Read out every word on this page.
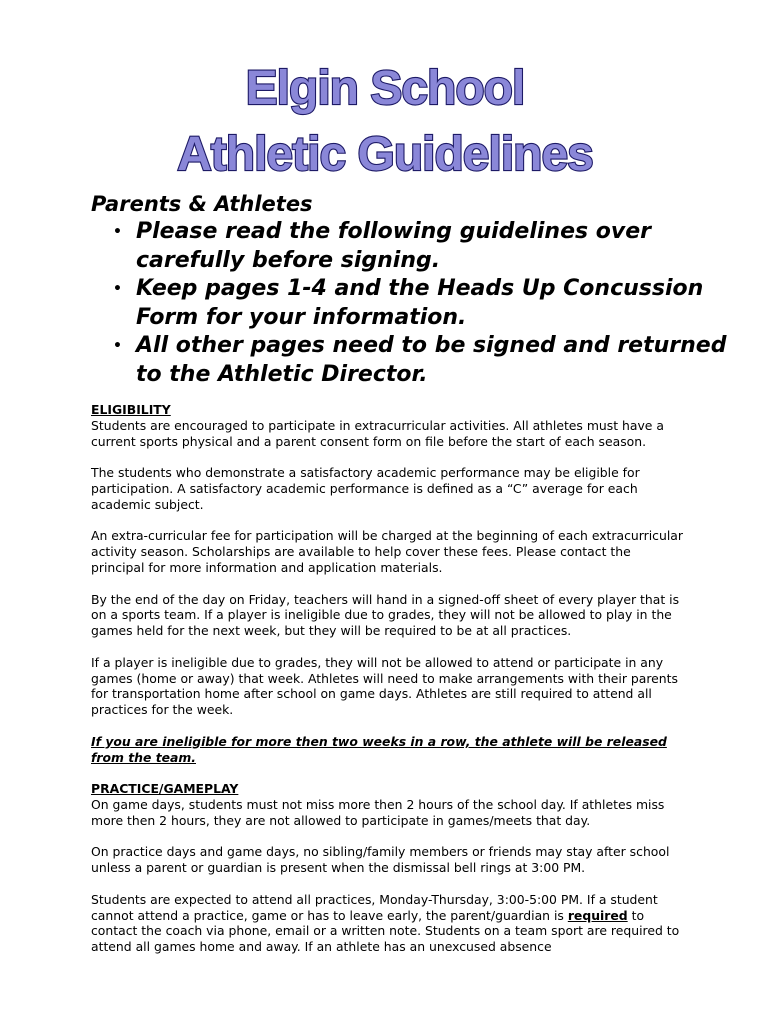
Elgin School
Athletic Guidelines

Parents & Athletes

• Please read the following guidelines over carefully before signing.
• Keep pages 1-4 and the Heads Up Concussion Form for your information.
• All other pages need to be signed and returned to the Athletic Director.
ELIGIBILITY

Students are encouraged to participate in extracurricular activities. All athletes must have a current sports physical and a parent consent form on file before the start of each season.

The students who demonstrate a satisfactory academic performance may be eligible for participation. A satisfactory academic performance is defined as a “C” average for each academic subject.

An extra-curricular fee for participation will be charged at the beginning of each extracurricular activity season. Scholarships are available to help cover these fees. Please contact the principal for more information and application materials.

By the end of the day on Friday, teachers will hand in a signed-off sheet of every player that is on a sports team. If a player is ineligible due to grades, they will not be allowed to play in the games held for the next week, but they will be required to be at all practices.

If a player is ineligible due to grades, they will not be allowed to attend or participate in any games (home or away) that week. Athletes will need to make arrangements with their parents for transportation home after school on game days. Athletes are still required to attend all practices for the week.

If you are ineligible for more then two weeks in a row, the athlete will be released from the team.

PRACTICE/GAMEPLAY

On game days, students must not miss more then 2 hours of the school day. If athletes miss more then 2 hours, they are not allowed to participate in games/meets that day.

On practice days and game days, no sibling/family members or friends may stay after school unless a parent or guardian is present when the dismissal bell rings at 3:00 PM.

Students are expected to attend all practices, Monday-Thursday, 3:00-5:00 PM. If a student cannot attend a practice, game or has to leave early, the parent/guardian is required to contact the coach via phone, email or a written note. Students on a team sport are required to attend all games home and away. If an athlete has an unexcused absence
